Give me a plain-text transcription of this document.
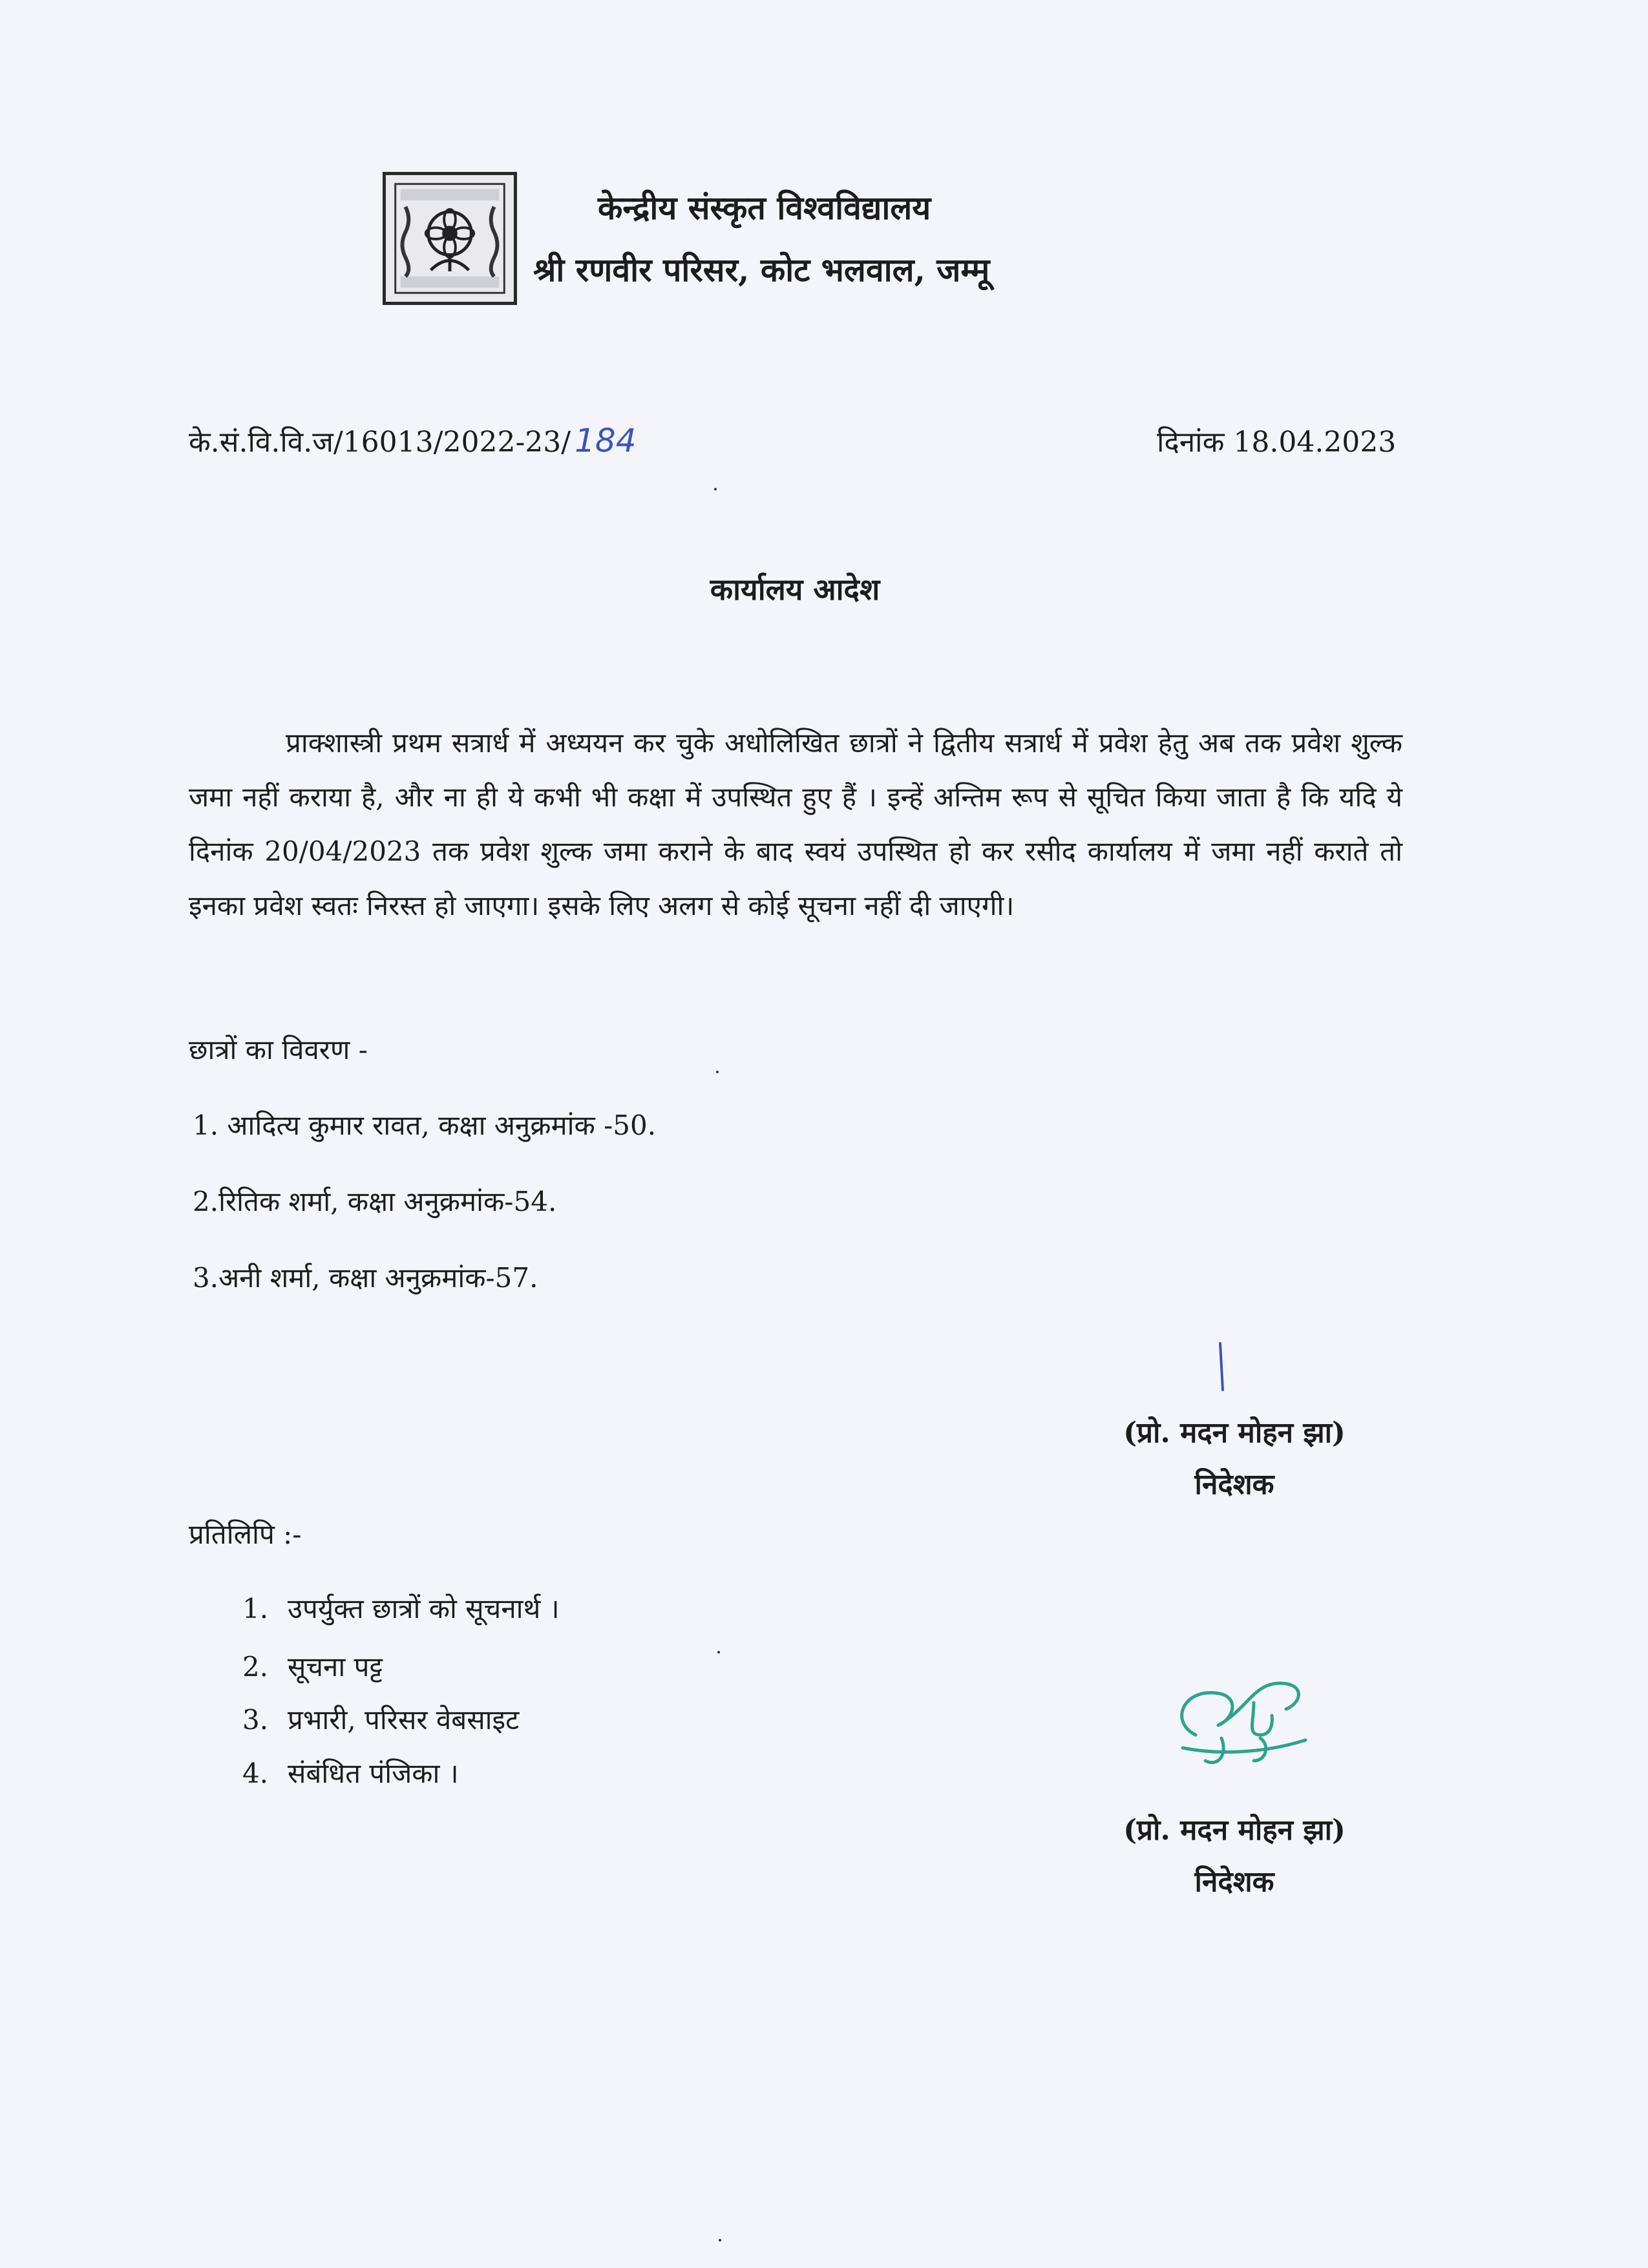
केन्द्रीय संस्कृत विश्वविद्यालय
श्री रणवीर परिसर, कोट भलवाल, जम्मू
के.सं.वि.वि.ज/16013/2022-23/ 184	दिनांक 18.04.2023
कार्यालय आदेश
प्राक्शास्त्री प्रथम सत्रार्ध में अध्ययन कर चुके अधोलिखित छात्रों ने द्वितीय सत्रार्ध में प्रवेश हेतु अब तक प्रवेश शुल्क जमा नहीं कराया है, और ना ही ये कभी भी कक्षा में उपस्थित हुए हैं । इन्हें अन्तिम रूप से सूचित किया जाता है कि यदि ये दिनांक 20/04/2023 तक प्रवेश शुल्क जमा कराने के बाद स्वयं उपस्थित हो कर रसीद कार्यालय में जमा नहीं कराते तो इनका प्रवेश स्वतः निरस्त हो जाएगा। इसके लिए अलग से कोई सूचना नहीं दी जाएगी।
छात्रों का विवरण -
1. आदित्य कुमार रावत, कक्षा अनुक्रमांक -50.
2.रितिक शर्मा, कक्षा अनुक्रमांक-54.
3.अनी शर्मा, कक्षा अनुक्रमांक-57.
(प्रो. मदन मोहन झा)
निदेशक
प्रतिलिपि :-
1. उपर्युक्त छात्रों को सूचनार्थ ।
2. सूचना पट्ट
3. प्रभारी, परिसर वेबसाइट
4. संबंधित पंजिका ।
(प्रो. मदन मोहन झा)
निदेशक
